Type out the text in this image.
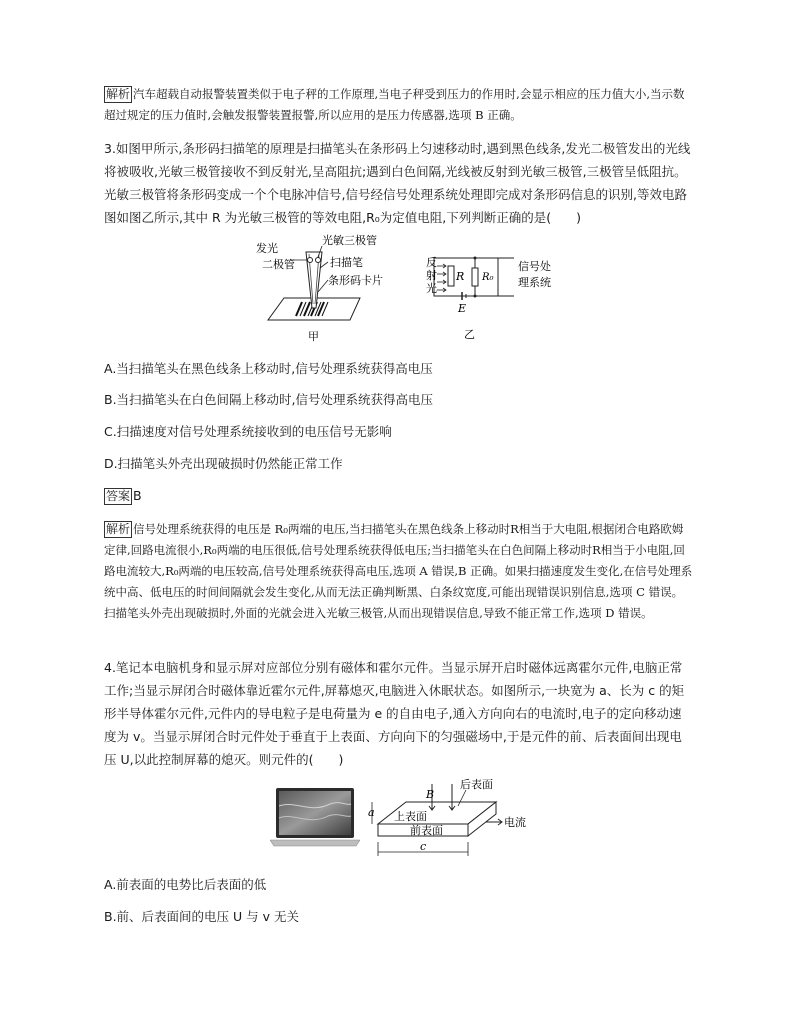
解析 汽车超载自动报警装置类似于电子秤的工作原理,当电子秤受到压力的作用时,会显示相应的压力值大小,当示数超过规定的压力值时,会触发报警装置报警,所以应用的是压力传感器,选项 B 正确。
3.如图甲所示,条形码扫描笔的原理是扫描笔头在条形码上匀速移动时,遇到黑色线条,发光二极管发出的光线将被吸收,光敏三极管接收不到反射光,呈高阻抗;遇到白色间隔,光线被反射到光敏三极管,三极管呈低阻抗。光敏三极管将条形码变成一个个电脉冲信号,信号经信号处理系统处理即完成对条形码信息的识别,等效电路图如图乙所示,其中 R 为光敏三极管的等效电阻,R₀为定值电阻,下列判断正确的是(　　)
发光
二极管
光敏三极管
扫描笔
条形码卡片
甲
反
射
光
R R₀
E
信号处
理系统
乙
A.当扫描笔头在黑色线条上移动时,信号处理系统获得高电压
B.当扫描笔头在白色间隔上移动时,信号处理系统获得高电压
C.扫描速度对信号处理系统接收到的电压信号无影响
D.扫描笔头外壳出现破损时仍然能正常工作
答案 B
解析 信号处理系统获得的电压是 R₀两端的电压,当扫描笔头在黑色线条上移动时R相当于大电阻,根据闭合电路欧姆定律,回路电流很小,R₀两端的电压很低,信号处理系统获得低电压;当扫描笔头在白色间隔上移动时R相当于小电阻,回路电流较大,R₀两端的电压较高,信号处理系统获得高电压,选项 A 错误,B 正确。如果扫描速度发生变化,在信号处理系统中高、低电压的时间间隔就会发生变化,从而无法正确判断黑、白条纹宽度,可能出现错误识别信息,选项 C 错误。扫描笔头外壳出现破损时,外面的光就会进入光敏三极管,从而出现错误信息,导致不能正常工作,选项 D 错误。
4.笔记本电脑机身和显示屏对应部位分别有磁体和霍尔元件。当显示屏开启时磁体远离霍尔元件,电脑正常工作;当显示屏闭合时磁体靠近霍尔元件,屏幕熄灭,电脑进入休眠状态。如图所示,一块宽为 a、长为 c 的矩形半导体霍尔元件,元件内的导电粒子是电荷量为 e 的自由电子,通入方向向右的电流时,电子的定向移动速度为 v。当显示屏闭合时元件处于垂直于上表面、方向向下的匀强磁场中,于是元件的前、后表面间出现电压 U,以此控制屏幕的熄灭。则元件的(　　)
后表面
B
上表面
前表面
电流
a
c
A.前表面的电势比后表面的低
B.前、后表面间的电压 U 与 v 无关
